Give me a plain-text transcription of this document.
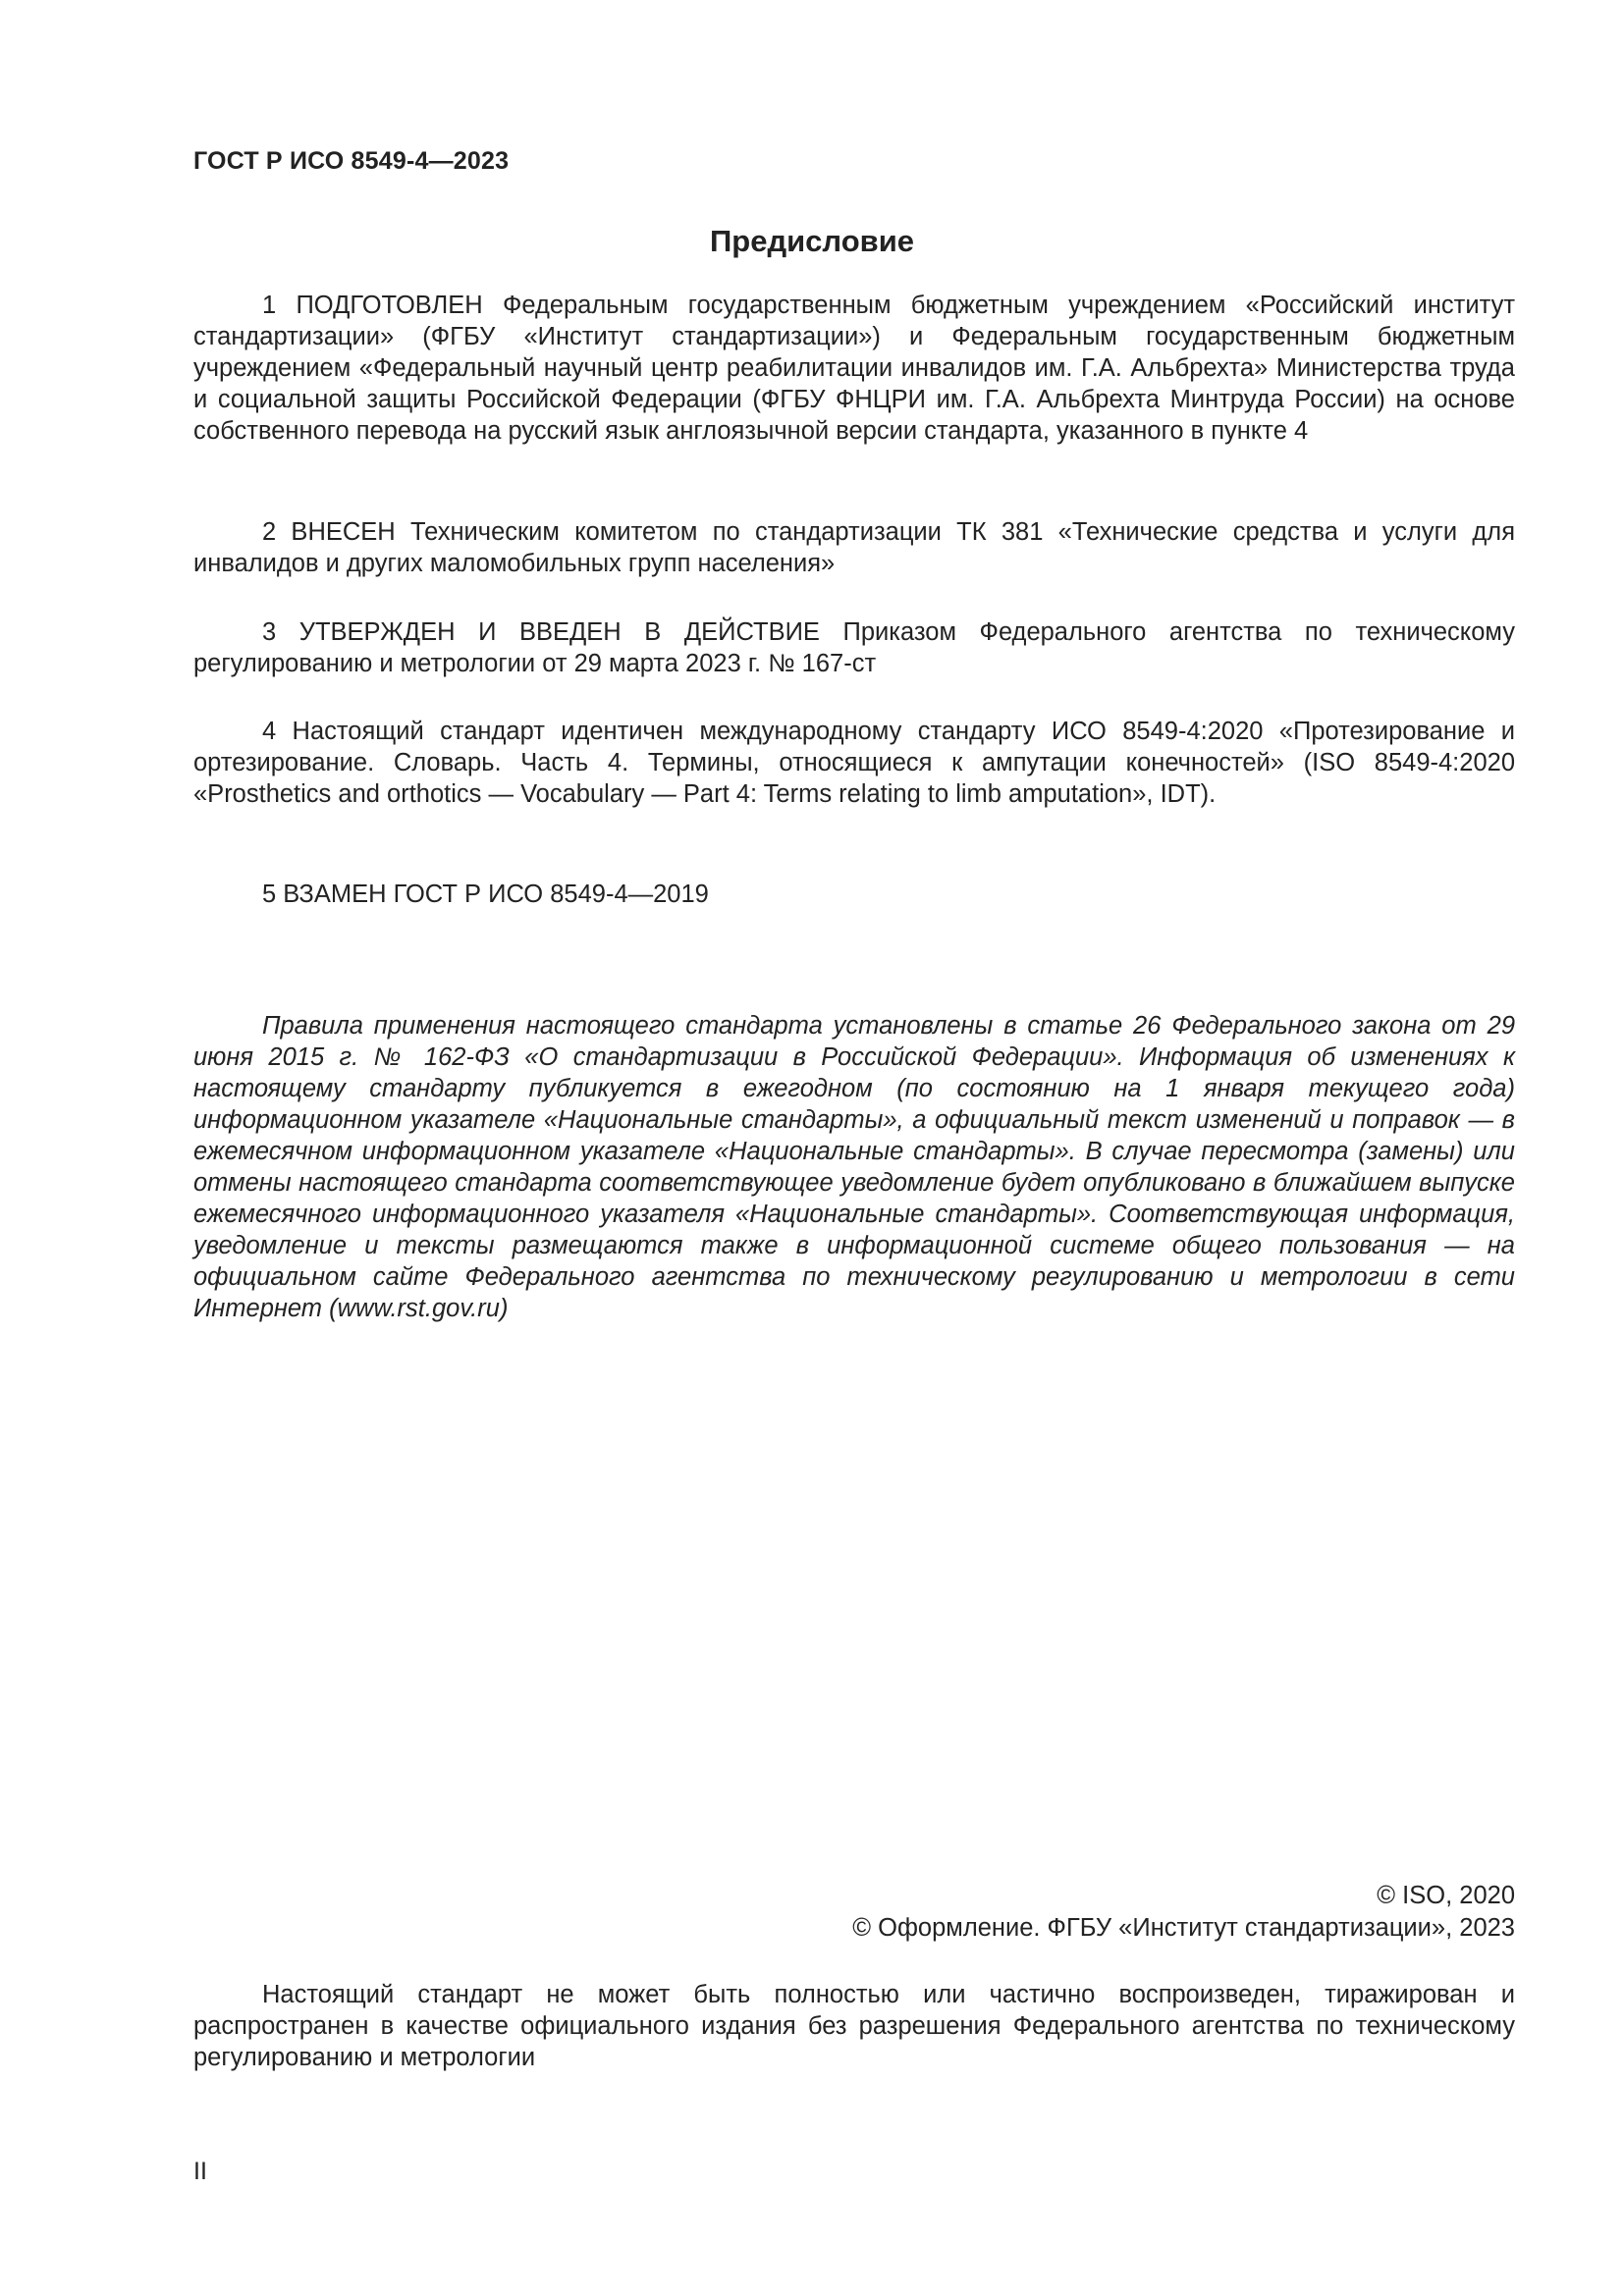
ГОСТ Р ИСО 8549-4—2023
Предисловие

1 ПОДГОТОВЛЕН Федеральным государственным бюджетным учреждением «Российский институт стандартизации» (ФГБУ «Институт стандартизации») и Федеральным государственным бюджетным учреждением «Федеральный научный центр реабилитации инвалидов им. Г.А. Альбрехта» Министерства труда и социальной защиты Российской Федерации (ФГБУ ФНЦРИ им. Г.А. Альбрехта Минтруда России) на основе собственного перевода на русский язык англоязычной версии стандарта, указанного в пункте 4

2 ВНЕСЕН Техническим комитетом по стандартизации ТК 381 «Технические средства и услуги для инвалидов и других маломобильных групп населения»

3 УТВЕРЖДЕН И ВВЕДЕН В ДЕЙСТВИЕ Приказом Федерального агентства по техническому регулированию и метрологии от 29 марта 2023 г. № 167-ст

4 Настоящий стандарт идентичен международному стандарту ИСО 8549-4:2020 «Протезирование и ортезирование. Словарь. Часть 4. Термины, относящиеся к ампутации конечностей» (ISO 8549-4:2020 «Prosthetics and orthotics — Vocabulary — Part 4: Terms relating to limb amputation», IDT).

5 ВЗАМЕН ГОСТ Р ИСО 8549-4—2019

Правила применения настоящего стандарта установлены в статье 26 Федерального закона от 29 июня 2015 г. № 162-ФЗ «О стандартизации в Российской Федерации». Информация об изменениях к настоящему стандарту публикуется в ежегодном (по состоянию на 1 января текущего года) информационном указателе «Национальные стандарты», а официальный текст изменений и поправок — в ежемесячном информационном указателе «Национальные стандарты». В случае пересмотра (замены) или отмены настоящего стандарта соответствующее уведомление будет опубликовано в ближайшем выпуске ежемесячного информационного указателя «Национальные стандарты». Соответствующая информация, уведомление и тексты размещаются также в информационной системе общего пользования — на официальном сайте Федерального агентства по техническому регулированию и метрологии в сети Интернет (www.rst.gov.ru)

© ISO, 2020
© Оформление. ФГБУ «Институт стандартизации», 2023

Настоящий стандарт не может быть полностью или частично воспроизведен, тиражирован и распространен в качестве официального издания без разрешения Федерального агентства по техническому регулированию и метрологии

II
